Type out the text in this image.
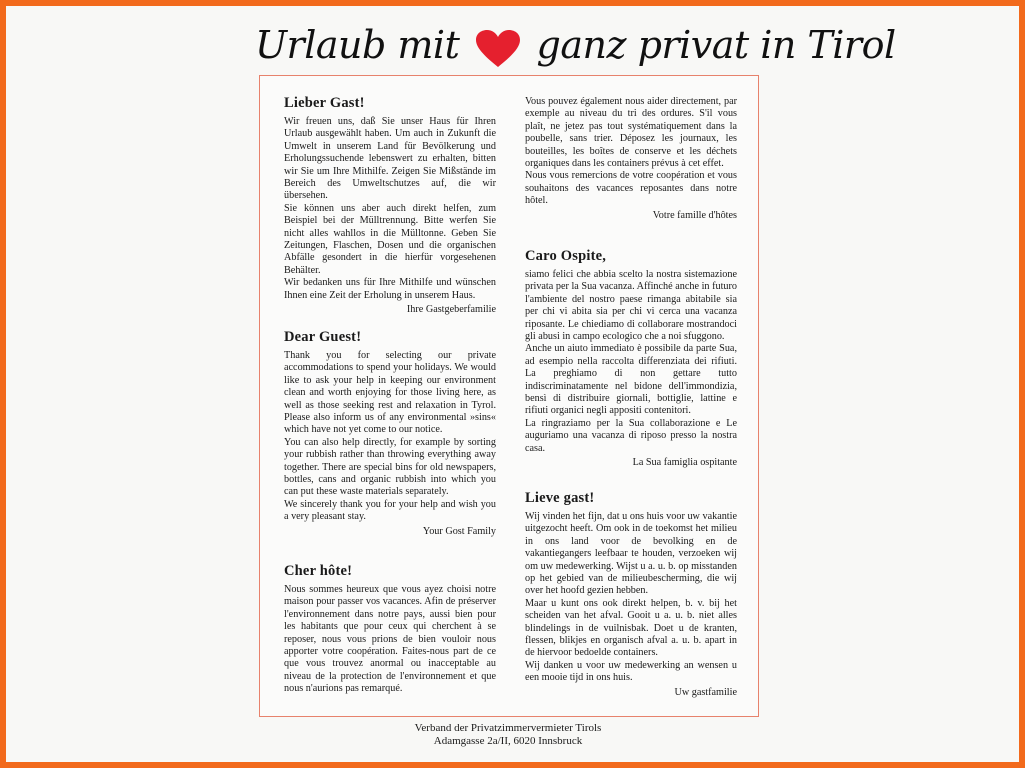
Urlaub mit ganz privat in Tirol
Lieber Gast!

Wir freuen uns, daß Sie unser Haus für Ihren Urlaub ausgewählt haben. Um auch in Zukunft die Umwelt in unserem Land für Bevölkerung und Erholungssuchende lebenswert zu erhalten, bitten wir Sie um Ihre Mithilfe. Zeigen Sie Mißstände im Bereich des Umweltschutzes auf, die wir übersehen.

Sie können uns aber auch direkt helfen, zum Beispiel bei der Mülltrennung. Bitte werfen Sie nicht alles wahllos in die Mülltonne. Geben Sie Zeitungen, Flaschen, Dosen und die organischen Abfälle gesondert in die hierfür vorgesehenen Behälter.

Wir bedanken uns für Ihre Mithilfe und wünschen Ihnen eine Zeit der Erholung in unserem Haus.

Ihre Gastgeberfamilie

Dear Guest!

Thank you for selecting our private accommodations to spend your holidays. We would like to ask your help in keeping our environment clean and worth enjoying for those living here, as well as those seeking rest and relaxation in Tyrol. Please also inform us of any environmental »sins« which have not yet come to our notice.

You can also help directly, for example by sorting your rubbish rather than throwing everything away together. There are special bins for old newspapers, bottles, cans and organic rubbish into which you can put these waste materials separately.

We sincerely thank you for your help and wish you a very pleasant stay.

Your Gost Family

Cher hôte!

Nous sommes heureux que vous ayez choisi notre maison pour passer vos vacances. Afin de préserver l'environnement dans notre pays, aussi bien pour les habitants que pour ceux qui cherchent à se reposer, nous vous prions de bien vouloir nous apporter votre coopération. Faites-nous part de ce que vous trouvez anormal ou inacceptable au niveau de la protection de l'environnement et que nous n'aurions pas remarqué.

Vous pouvez également nous aider directement, par exemple au niveau du tri des ordures. S'il vous plaît, ne jetez pas tout systématiquement dans la poubelle, sans trier. Déposez les journaux, les bouteilles, les boîtes de conserve et les déchets organiques dans les containers prévus à cet effet.

Nous vous remercions de votre coopération et vous souhaitons des vacances reposantes dans notre hôtel.

Votre famille d'hôtes

Caro Ospite,

siamo felici che abbia scelto la nostra sistemazione privata per la Sua vacanza. Affinché anche in futuro l'ambiente del nostro paese rimanga abitabile sia per chi vi abita sia per chi vi cerca una vacanza riposante. Le chiediamo di collaborare mostrandoci gli abusi in campo ecologico che a noi sfuggono.

Anche un aiuto immediato è possibile da parte Sua, ad esempio nella raccolta differenziata dei rifiuti. La preghiamo di non gettare tutto indiscriminatamente nel bidone dell'immondizia, bensì di distribuire giornali, bottiglie, lattine e rifiuti organici negli appositi contenitori.

La ringraziamo per la Sua collaborazione e Le auguriamo una vacanza di riposo presso la nostra casa.

La Sua famiglia ospitante

Lieve gast!

Wij vinden het fijn, dat u ons huis voor uw vakantie uitgezocht heeft. Om ook in de toekomst het milieu in ons land voor de bevolking en de vakantiegangers leefbaar te houden, verzoeken wij om uw medewerking. Wijst u a. u. b. op misstanden op het gebied van de milieubescherming, die wij over het hoofd gezien hebben.

Maar u kunt ons ook direkt helpen, b. v. bij het scheiden van het afval. Gooit u a. u. b. niet alles blindelings in de vuilnisbak. Doet u de kranten, flessen, blikjes en organisch afval a. u. b. apart in de hiervoor bedoelde containers.

Wij danken u voor uw medewerking an wensen u een mooie tijd in ons huis.

Uw gastfamilie

Verband der Privatzimmervermieter Tirols
Adamgasse 2a/II, 6020 Innsbruck
